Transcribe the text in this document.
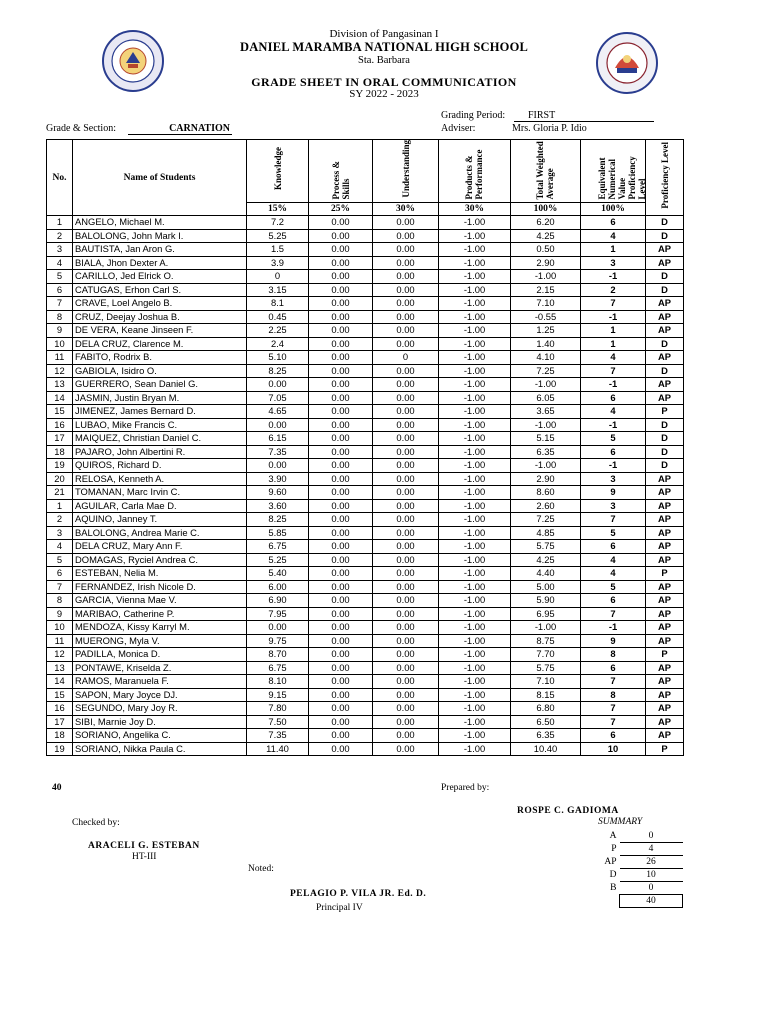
Division of Pangasinan I
DANIEL MARAMBA NATIONAL HIGH SCHOOL
Sta. Barbara
GRADE SHEET IN ORAL COMMUNICATION
SY 2022 - 2023
Grading Period:	FIRST
Grade & Section:	CARNATION	Adviser:	Mrs. Gloria P. Idio
No.	Name of Students	Knowledge	Process & Skills	Understanding	Products & Performance	Total Weighted Average	Equivalent Numerical Value Proficiency Level	Proficiency Level
		15%	25%	30%	30%	100%	100%	
1	ANGELO, Michael M.	7.2	0.00	0.00	-1.00	6.20	6	D
2	BALOLONG, John Mark I.	5.25	0.00	0.00	-1.00	4.25	4	D
3	BAUTISTA, Jan Aron G.	1.5	0.00	0.00	-1.00	0.50	1	AP
4	BIALA, Jhon Dexter A.	3.9	0.00	0.00	-1.00	2.90	3	AP
5	CARILLO, Jed Elrick O.	0	0.00	0.00	-1.00	-1.00	-1	D
6	CATUGAS, Erhon Carl S.	3.15	0.00	0.00	-1.00	2.15	2	D
7	CRAVE, Loel Angelo B.	8.1	0.00	0.00	-1.00	7.10	7	AP
8	CRUZ, Deejay Joshua B.	0.45	0.00	0.00	-1.00	-0.55	-1	AP
9	DE VERA, Keane Jinseen F.	2.25	0.00	0.00	-1.00	1.25	1	AP
10	DELA CRUZ, Clarence M.	2.4	0.00	0.00	-1.00	1.40	1	D
11	FABITO, Rodrix B.	5.10	0.00	0	-1.00	4.10	4	AP
12	GABIOLA, Isidro O.	8.25	0.00	0.00	-1.00	7.25	7	D
13	GUERRERO, Sean Daniel G.	0.00	0.00	0.00	-1.00	-1.00	-1	AP
14	JASMIN, Justin Bryan M.	7.05	0.00	0.00	-1.00	6.05	6	AP
15	JIMENEZ, James Bernard D.	4.65	0.00	0.00	-1.00	3.65	4	P
16	LUBAO, Mike Francis C.	0.00	0.00	0.00	-1.00	-1.00	-1	D
17	MAIQUEZ, Christian Daniel C.	6.15	0.00	0.00	-1.00	5.15	5	D
18	PAJARO, John Albertini R.	7.35	0.00	0.00	-1.00	6.35	6	D
19	QUIROS, Richard D.	0.00	0.00	0.00	-1.00	-1.00	-1	D
20	RELOSA, Kenneth A.	3.90	0.00	0.00	-1.00	2.90	3	AP
21	TOMANAN, Marc Irvin C.	9.60	0.00	0.00	-1.00	8.60	9	AP
1	AGUILAR, Carla Mae D.	3.60	0.00	0.00	-1.00	2.60	3	AP
2	AQUINO, Janney T.	8.25	0.00	0.00	-1.00	7.25	7	AP
3	BALOLONG, Andrea Marie C.	5.85	0.00	0.00	-1.00	4.85	5	AP
4	DELA CRUZ, Mary Ann F.	6.75	0.00	0.00	-1.00	5.75	6	AP
5	DOMAGAS, Ryciel Andrea C.	5.25	0.00	0.00	-1.00	4.25	4	AP
6	ESTEBAN, Nelia M.	5.40	0.00	0.00	-1.00	4.40	4	P
7	FERNANDEZ, Irish Nicole D.	6.00	0.00	0.00	-1.00	5.00	5	AP
8	GARCIA, Vienna Mae V.	6.90	0.00	0.00	-1.00	5.90	6	AP
9	MARIBAO, Catherine P.	7.95	0.00	0.00	-1.00	6.95	7	AP
10	MENDOZA, Kissy Karryl M.	0.00	0.00	0.00	-1.00	-1.00	-1	AP
11	MUERONG, Myla V.	9.75	0.00	0.00	-1.00	8.75	9	AP
12	PADILLA, Monica D.	8.70	0.00	0.00	-1.00	7.70	8	P
13	PONTAWE, Kriselda Z.	6.75	0.00	0.00	-1.00	5.75	6	AP
14	RAMOS, Maranuela F.	8.10	0.00	0.00	-1.00	7.10	7	AP
15	SAPON, Mary Joyce DJ.	9.15	0.00	0.00	-1.00	8.15	8	AP
16	SEGUNDO, Mary Joy R.	7.80	0.00	0.00	-1.00	6.80	7	AP
17	SIBI, Marnie Joy D.	7.50	0.00	0.00	-1.00	6.50	7	AP
18	SORIANO, Angelika C.	7.35	0.00	0.00	-1.00	6.35	6	AP
19	SORIANO, Nikka Paula C.	11.40	0.00	0.00	-1.00	10.40	10	P
40	Prepared by:
ROSPE C. GADIOMA
Checked by:
ARACELI G. ESTEBAN
HT-III
Noted:
PELAGIO P. VILA JR. Ed. D.
Principal IV
SUMMARY
A	0
P	4
AP	26
D	10
B	0
	40
